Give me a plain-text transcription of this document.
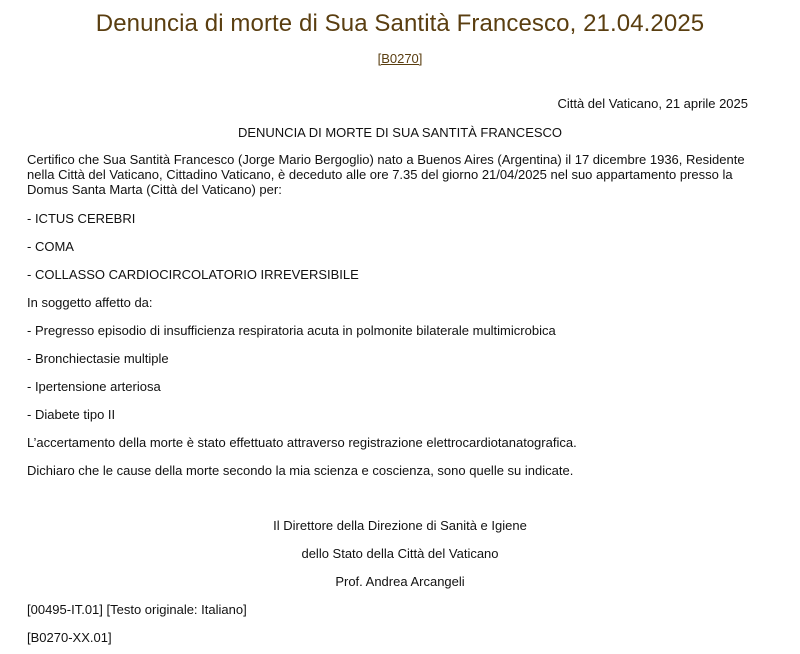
Denuncia di morte di Sua Santità Francesco, 21.04.2025
[B0270]
Città del Vaticano, 21 aprile 2025
DENUNCIA DI MORTE DI SUA SANTITÀ FRANCESCO
Certifico che Sua Santità Francesco (Jorge Mario Bergoglio) nato a Buenos Aires (Argentina) il 17 dicembre 1936, Residente nella Città del Vaticano, Cittadino Vaticano, è deceduto alle ore 7.35 del giorno 21/04/2025 nel suo appartamento presso la Domus Santa Marta (Città del Vaticano) per:
- ICTUS CEREBRI
- COMA
- COLLASSO CARDIOCIRCOLATORIO IRREVERSIBILE
In soggetto affetto da:
- Pregresso episodio di insufficienza respiratoria acuta in polmonite bilaterale multimicrobica
- Bronchiectasie multiple
- Ipertensione arteriosa
- Diabete tipo II
L’accertamento della morte è stato effettuato attraverso registrazione elettrocardiotanatografica.
Dichiaro che le cause della morte secondo la mia scienza e coscienza, sono quelle su indicate.
Il Direttore della Direzione di Sanità e Igiene
dello Stato della Città del Vaticano
Prof. Andrea Arcangeli
[00495-IT.01] [Testo originale: Italiano]
[B0270-XX.01]
